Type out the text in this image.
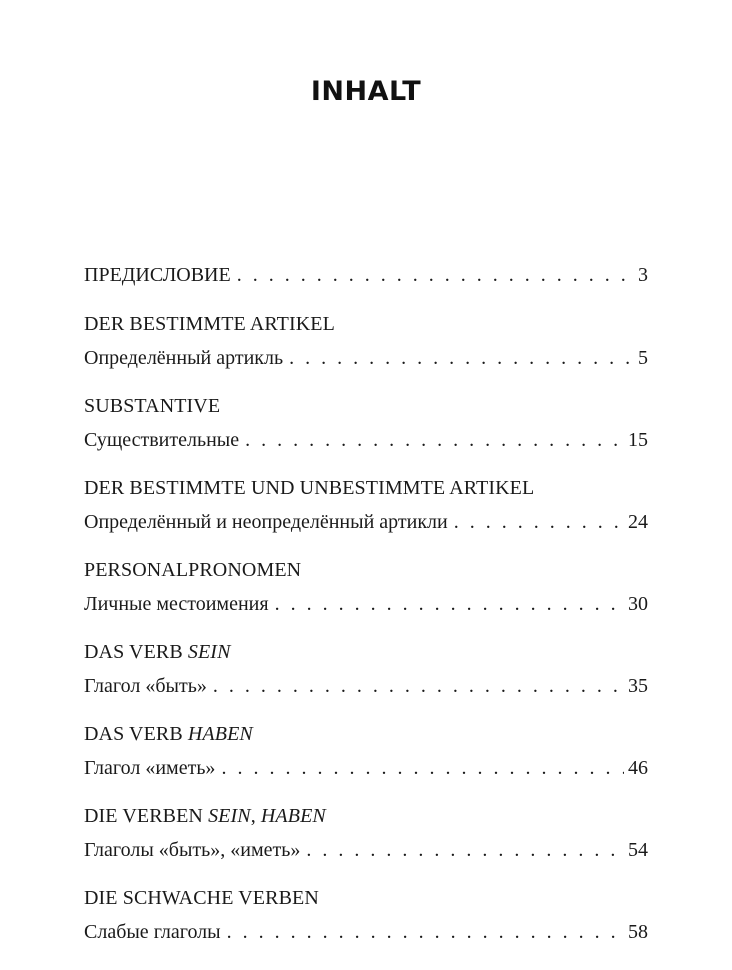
INHALT
ПРЕДИСЛОВИЕ . . .	3
DER BESTIMMTE ARTIKEL
Определённый артикль . . .	5
SUBSTANTIVE
Существительные . . .	15
DER BESTIMMTE UND UNBESTIMMTE ARTIKEL
Определённый и неопределённый артикли . . .	24
PERSONALPRONOMEN
Личные местоимения . . .	30
DAS VERB SEIN
Глагол «быть» . . .	35
DAS VERB HABEN
Глагол «иметь» . . .	46
DIE VERBEN SEIN, HABEN
Глаголы «быть», «иметь» . . .	54
DIE SCHWACHE VERBEN
Слабые глаголы . . .	58
